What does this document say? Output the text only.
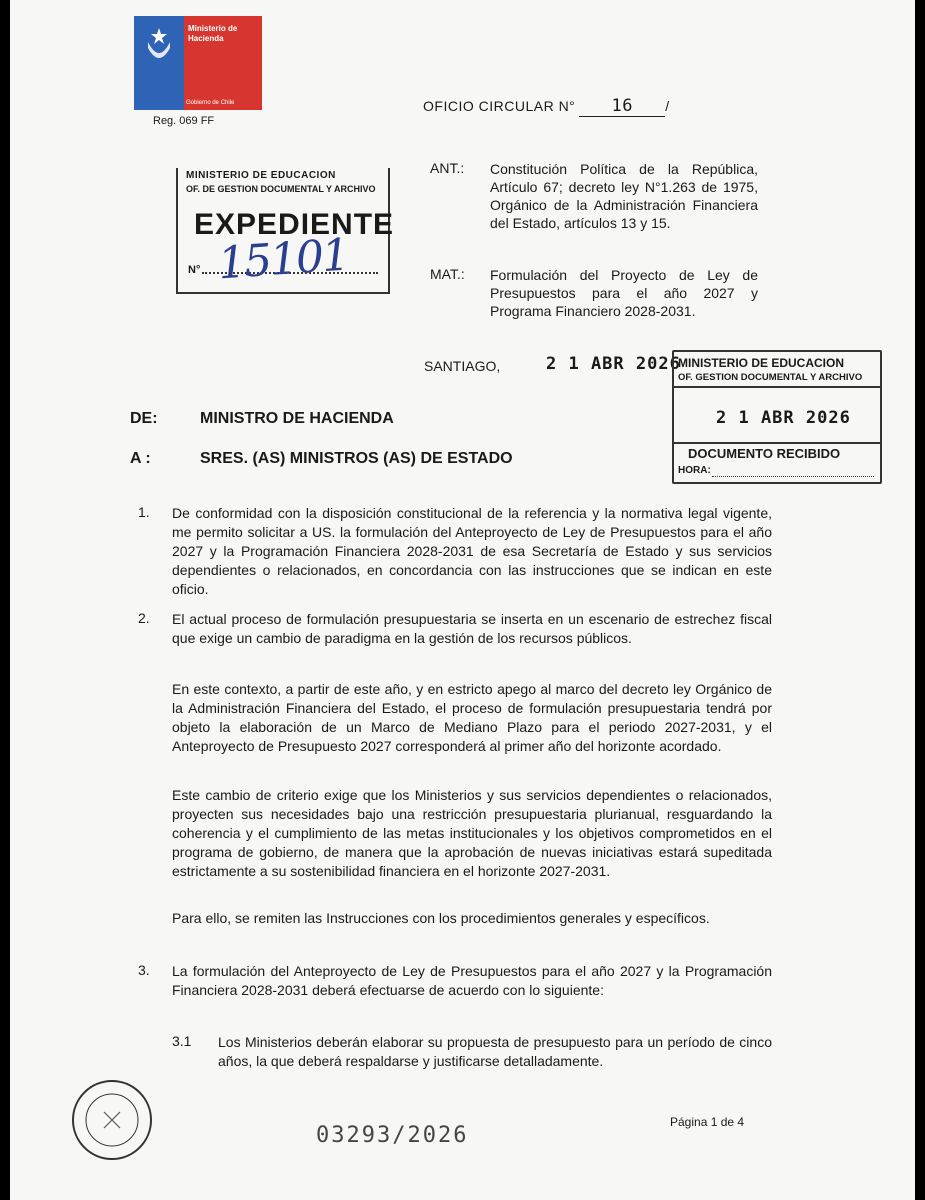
Ministerio de Hacienda
Gobierno de Chile
Reg. 069 FF
OFICIO CIRCULAR N° 16 /
MINISTERIO DE EDUCACION
OF. DE GESTION DOCUMENTAL Y ARCHIVO
EXPEDIENTE
N° 15101
ANT.: Constitución Política de la República, Artículo 67; decreto ley N°1.263 de 1975, Orgánico de la Administración Financiera del Estado, artículos 13 y 15.
MAT.: Formulación del Proyecto de Ley de Presupuestos para el año 2027 y Programa Financiero 2028-2031.
SANTIAGO,	2 1 ABR 2026
MINISTERIO DE EDUCACION
OF. GESTION DOCUMENTAL Y ARCHIVO
2 1 ABR 2026
DOCUMENTO RECIBIDO
HORA:
DE:	MINISTRO DE HACIENDA
A :	SRES. (AS) MINISTROS (AS) DE ESTADO
1. De conformidad con la disposición constitucional de la referencia y la normativa legal vigente, me permito solicitar a US. la formulación del Anteproyecto de Ley de Presupuestos para el año 2027 y la Programación Financiera 2028-2031 de esa Secretaría de Estado y sus servicios dependientes o relacionados, en concordancia con las instrucciones que se indican en este oficio.
2. El actual proceso de formulación presupuestaria se inserta en un escenario de estrechez fiscal que exige un cambio de paradigma en la gestión de los recursos públicos.
En este contexto, a partir de este año, y en estricto apego al marco del decreto ley Orgánico de la Administración Financiera del Estado, el proceso de formulación presupuestaria tendrá por objeto la elaboración de un Marco de Mediano Plazo para el periodo 2027-2031, y el Anteproyecto de Presupuesto 2027 corresponderá al primer año del horizonte acordado.
Este cambio de criterio exige que los Ministerios y sus servicios dependientes o relacionados, proyecten sus necesidades bajo una restricción presupuestaria plurianual, resguardando la coherencia y el cumplimiento de las metas institucionales y los objetivos comprometidos en el programa de gobierno, de manera que la aprobación de nuevas iniciativas estará supeditada estrictamente a su sostenibilidad financiera en el horizonte 2027-2031.
Para ello, se remiten las Instrucciones con los procedimientos generales y específicos.
3. La formulación del Anteproyecto de Ley de Presupuestos para el año 2027 y la Programación Financiera 2028-2031 deberá efectuarse de acuerdo con lo siguiente:
3.1 Los Ministerios deberán elaborar su propuesta de presupuesto para un período de cinco años, la que deberá respaldarse y justificarse detalladamente.
Página 1 de 4
03293/2026
